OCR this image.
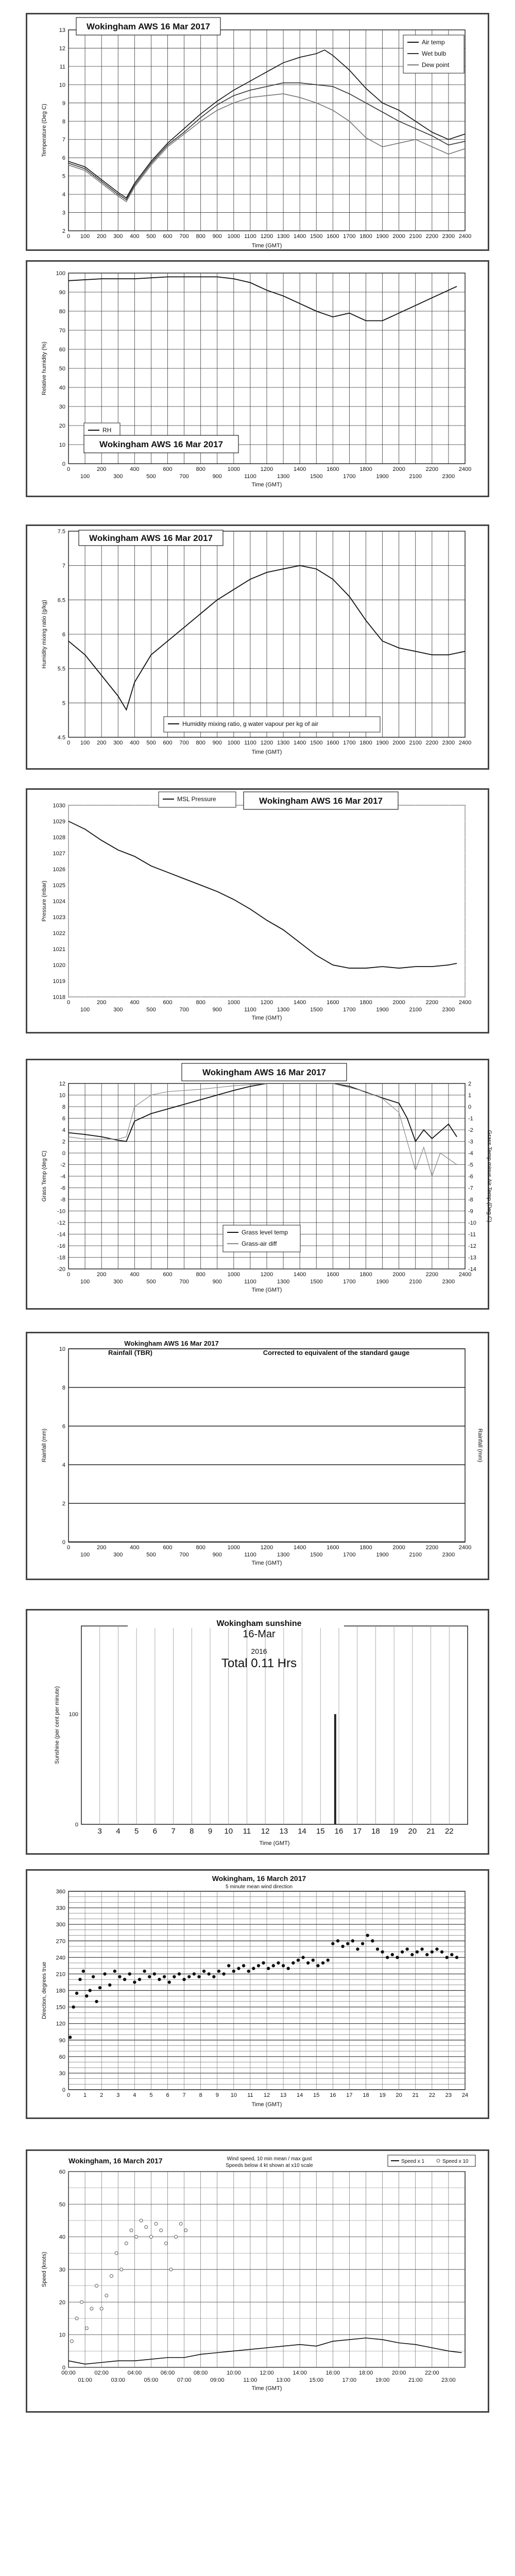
2
3
4
5
6
7
8
9
10
11
12
13
0 100 200 300 400 500 600 700 800 900 1000 1100 1200 1300 1400 1500 1600 1700 1800 1900 2000 2100 2200 2300 2400
Time (GMT)
Temperature (Deg C)
Wokingham AWS 16 Mar 2017
Air temp
Wet bulb
Dew point
0
10
20
30
40
50
60
70
80
90
100
0	200	400	600	800	1000	1200	1400	1600	1800	2000	2200	2400
100	300	500	700	900	1100	1300	1500	1700	1900	2100	2300
Time (GMT)
Relative humidity (%)
RH
Wokingham AWS 16 Mar 2017
4.5
5
5.5
6
6.5
7
7.5
0 100 200 300 400 500 600 700 800 900 1000 1100 1200 1300 1400 1500 1600 1700 1800 1900 2000 2100 2200 2300 2400
Time (GMT)
Humidity mixing ratio (g/kg)
Wokingham AWS 16 Mar 2017
Humidity mixing ratio, g water vapour per kg of air
1018
1019
1020
1021
1022
1023
1024
1025
1026
1027
1028
1029
1030
0	200	400	600	800	1000	1200	1400	1600	1800	2000	2200	2400
100	300	500	700	900	1100	1300	1500	1700	1900	2100	2300
Time (GMT)
Pressure (mbar)
MSL Pressure	Wokingham AWS 16 Mar 2017
12
10
8
6
4
2
0
-2
-4
-6
-8
-10
-12
-14
-16
-18
-20
2
1
0
-1
-2
-3
-4
-5
-6
-7
-8
-9
-10
-11
-12
-13
-14
0	200	400	600	800	1000	1200	1400	1600	1800	2000	2200	2400
100	300	500	700	900	1100	1300	1500	1700	1900	2100	2300
Time (GMT)
Grass Temp (deg C)	Grass Temp minus Air Temp (Deg C)
Wokingham AWS 16 Mar 2017
Grass level temp
Grass-air diff
0
2
4
6
8
10
0	200	400	600	800	1000	1200	1400	1600	1800	2000	2200	2400
100	300	500	700	900	1100	1300	1500	1700	1900	2100	2300
Time (GMT)
Rainfall (mm)	Rainfall (mm)
Wokingham AWS 16 Mar 2017
Rainfall (TBR)	Corrected to equivalent of the standard gauge
3 4 5 6 7 8 9 10 11 12 13 14 15 16 17 18 19 20 21 22
0
100
Wokingham sunshine
16-Mar
2016
Total 0.11 Hrs
Time (GMT)
Sunshine (per cent per minute)
0
30
60
90
120
150
180
210
240
270
300
330
360
0 1 2 3 4 5 6 7 8 9 10 11 12 13 14 15 16 17 18 19 20 21 22 23 24
Wokingham, 16 March 2017
5 minute mean wind direction
Time (GMT)
Direction, degrees true
0
10
20
30
40
50
60
00:00	02:00	04:00	06:00	08:00	10:00	12:00	14:00	16:00	18:00	20:00	22:00
01:00	03:00	05:00	07:00	09:00	11:00	13:00	15:00	17:00	19:00	21:00	23:00
Wokingham, 16 March 2017	Wind speed, 10 min mean / max gust
Speeds below 4 kt shown at x10 scale
Speed x 1	Speed x 10
Time (GMT)
Speed (knots)
